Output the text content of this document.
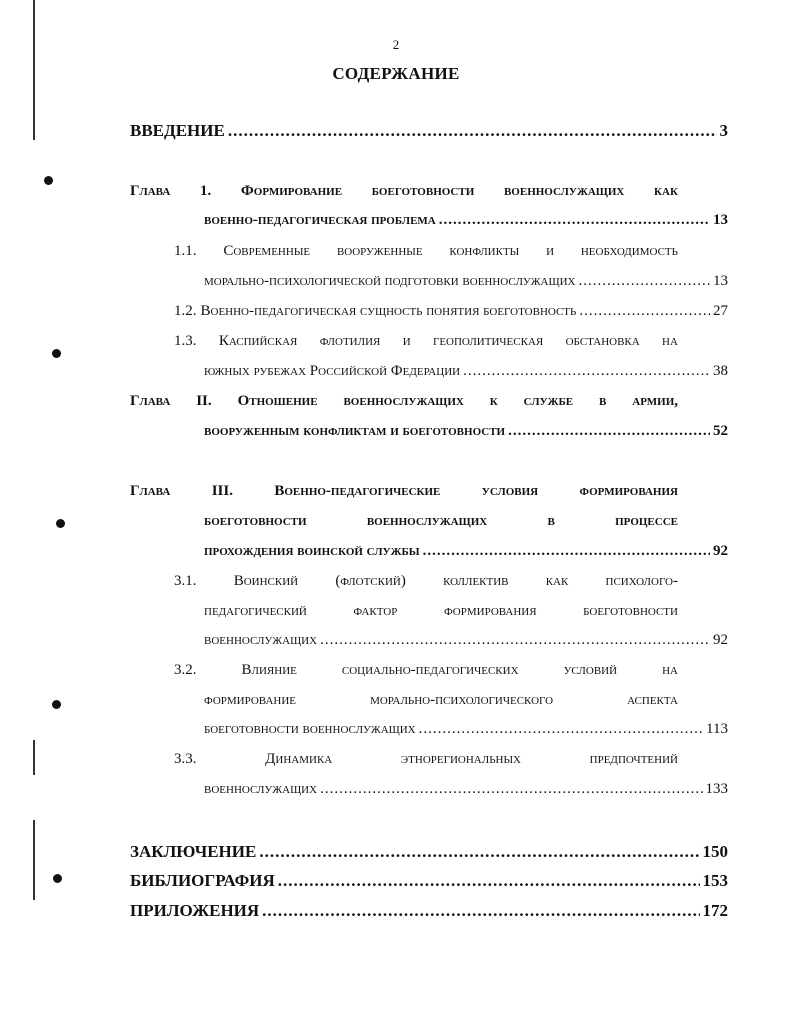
2
СОДЕРЖАНИЕ
ВВЕДЕНИЕ .....	3
Глава 1. Формирование боеготовности военнослужащих как
военно-педагогическая проблема .....	13
1.1. Современные вооруженные конфликты и необходимость
морально-психологической подготовки военнослужащих .....	13
1.2. Военно-педагогическая сущность понятия боеготовность .....	27
1.3. Каспийская флотилия и геополитическая обстановка на
южных рубежах Российской Федерации .....	38
Глава II. Отношение военнослужащих к службе в армии,
вооруженным конфликтам и боеготовности .....	52
Глава	III.	Военно-педагогические	условия	формирования
боеготовности	военнослужащих	в	процессе
прохождения воинской службы .....	92
3.1. Воинский (флотский) коллектив как психолого-
педагогический	фактор	формирования	боеготовности
военнослужащих .....	92
3.2.	Влияние	социально-педагогических	условий	на
формирование	морально-психологического	аспекта
боеготовности военнослужащих .....	113
3.3.	Динамика	этнорегиональных	предпочтений
военнослужащих .....	133
ЗАКЛЮЧЕНИЕ .....	150
БИБЛИОГРАФИЯ .....	153
ПРИЛОЖЕНИЯ .....	172
